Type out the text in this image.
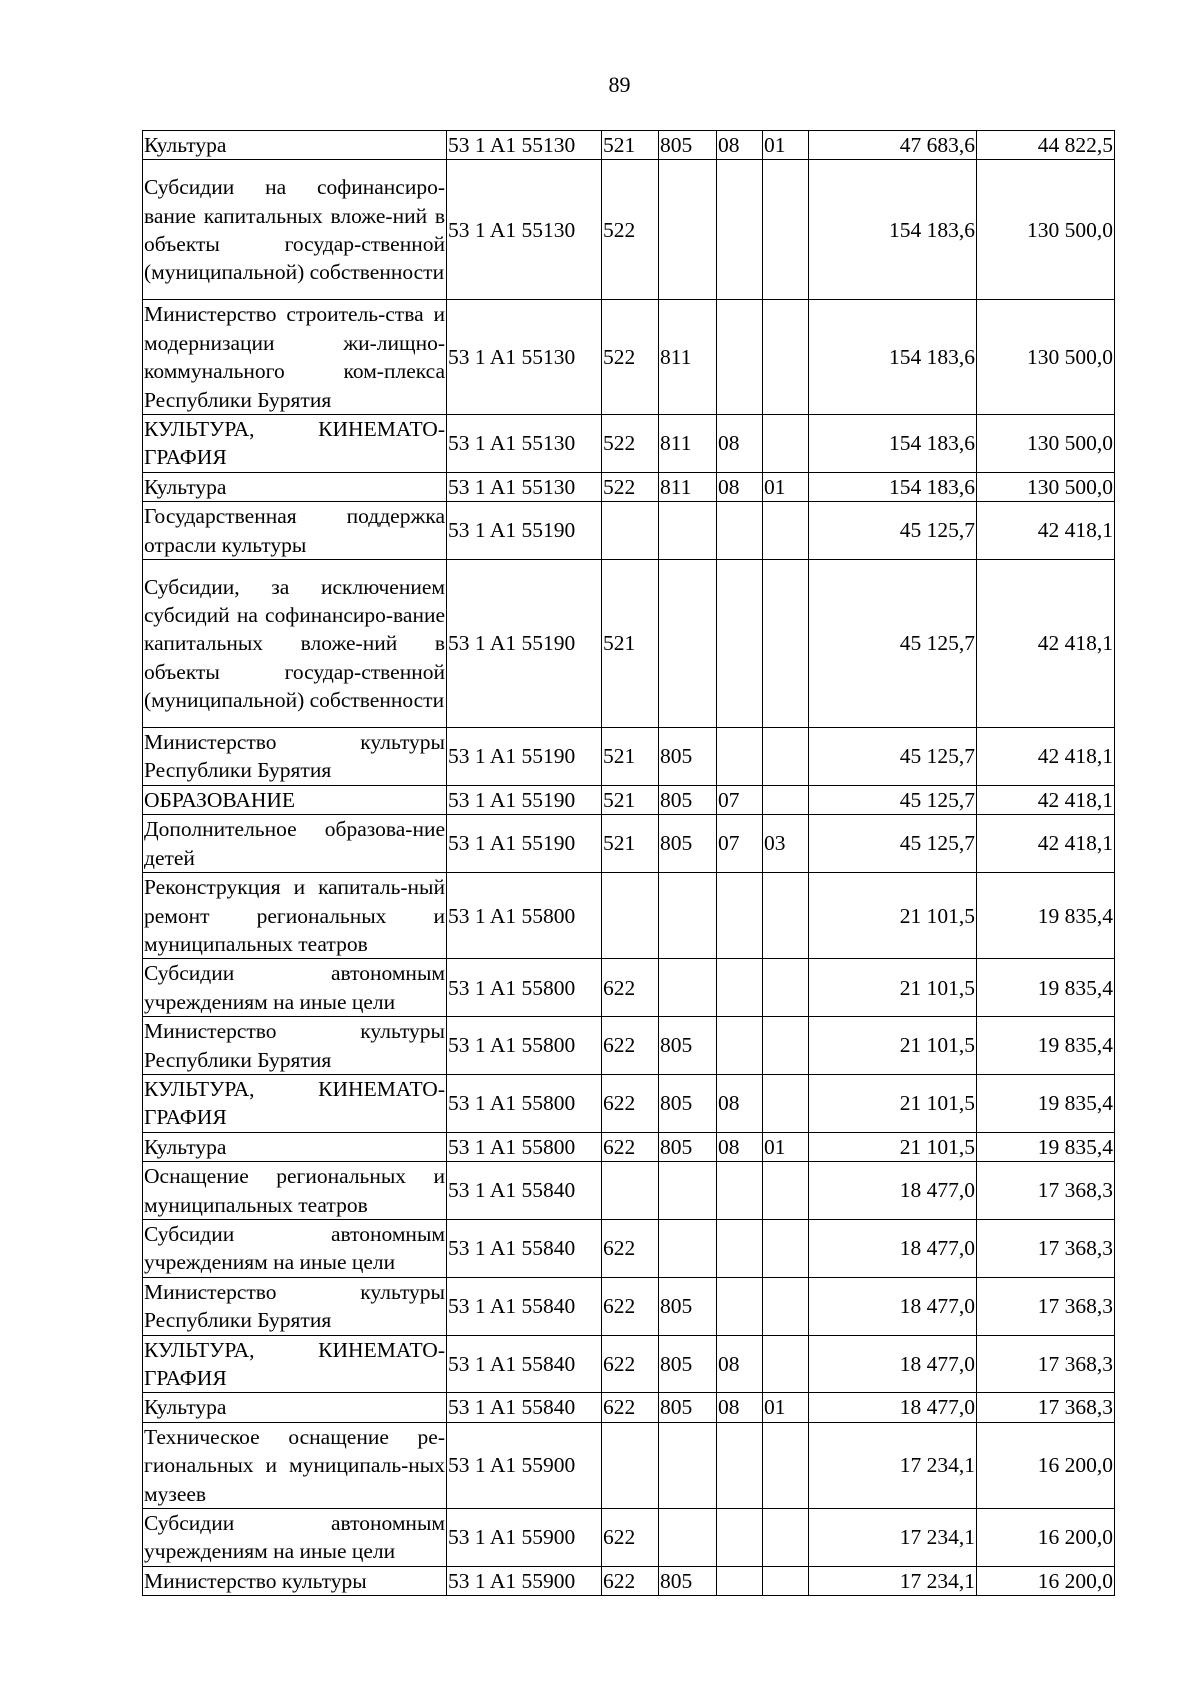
89
Культура	53 1 A1 55130	521	805	08	01	47 683,6	44 822,5
Субсидии на софинансиро-вание капитальных вложе-ний в объекты государ-ственной (муниципальной) собственности	53 1 A1 55130	522				154 183,6	130 500,0
Министерство строитель-ства и модернизации жи-лищно-коммунального ком-плекса Республики Бурятия	53 1 A1 55130	522	811			154 183,6	130 500,0
КУЛЬТУРА, КИНЕМАТО-ГРАФИЯ	53 1 A1 55130	522	811	08		154 183,6	130 500,0
Культура	53 1 A1 55130	522	811	08	01	154 183,6	130 500,0
Государственная поддержка отрасли культуры	53 1 A1 55190					45 125,7	42 418,1
Субсидии, за исключением субсидий на софинансиро-вание капитальных вложе-ний в объекты государ-ственной (муниципальной) собственности	53 1 A1 55190	521				45 125,7	42 418,1
Министерство культуры Республики Бурятия	53 1 A1 55190	521	805			45 125,7	42 418,1
ОБРАЗОВАНИЕ	53 1 A1 55190	521	805	07		45 125,7	42 418,1
Дополнительное образова-ние детей	53 1 A1 55190	521	805	07	03	45 125,7	42 418,1
Реконструкция и капиталь-ный ремонт региональных и муниципальных театров	53 1 A1 55800					21 101,5	19 835,4
Субсидии автономным учреждениям на иные цели	53 1 A1 55800	622				21 101,5	19 835,4
Министерство культуры Республики Бурятия	53 1 A1 55800	622	805			21 101,5	19 835,4
КУЛЬТУРА, КИНЕМАТО-ГРАФИЯ	53 1 A1 55800	622	805	08		21 101,5	19 835,4
Культура	53 1 A1 55800	622	805	08	01	21 101,5	19 835,4
Оснащение региональных и муниципальных театров	53 1 A1 55840					18 477,0	17 368,3
Субсидии автономным учреждениям на иные цели	53 1 A1 55840	622				18 477,0	17 368,3
Министерство культуры Республики Бурятия	53 1 A1 55840	622	805			18 477,0	17 368,3
КУЛЬТУРА, КИНЕМАТО-ГРАФИЯ	53 1 A1 55840	622	805	08		18 477,0	17 368,3
Культура	53 1 A1 55840	622	805	08	01	18 477,0	17 368,3
Техническое оснащение ре-гиональных и муниципаль-ных музеев	53 1 A1 55900					17 234,1	16 200,0
Субсидии автономным учреждениям на иные цели	53 1 A1 55900	622				17 234,1	16 200,0
Министерство культуры	53 1 A1 55900	622	805			17 234,1	16 200,0
